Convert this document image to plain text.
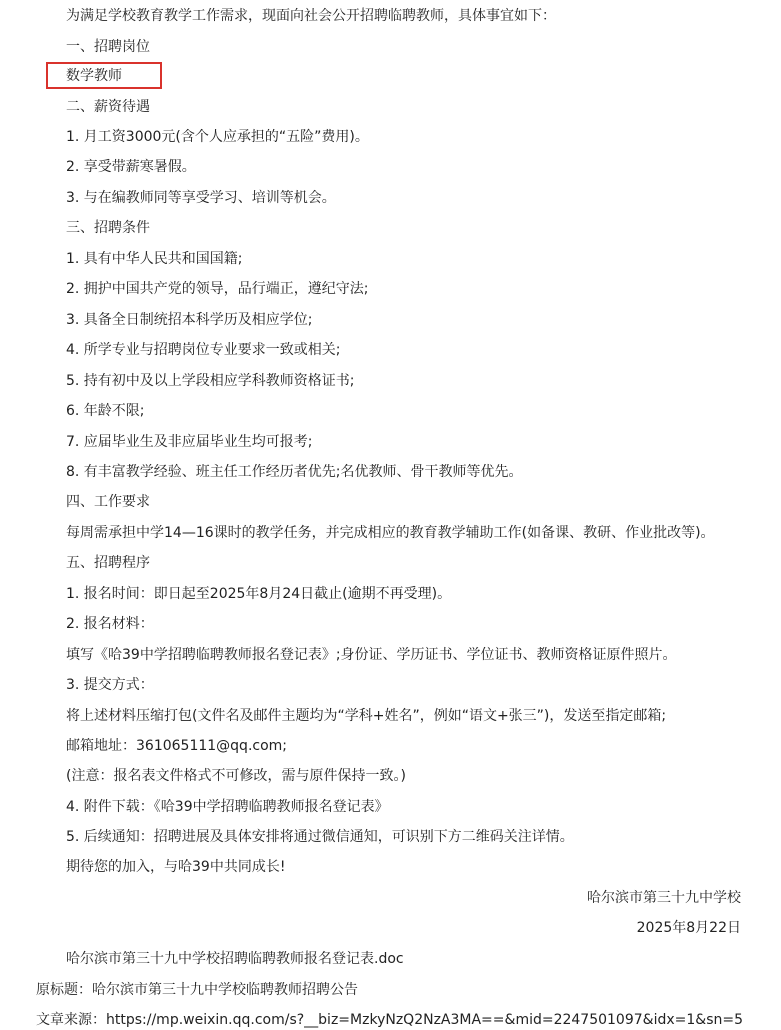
为满足学校教育教学工作需求，现面向社会公开招聘临聘教师，具体事宜如下：
一、招聘岗位
数学教师
二、薪资待遇
1. 月工资3000元(含个人应承担的“五险”费用)。
2. 享受带薪寒暑假。
3. 与在编教师同等享受学习、培训等机会。
三、招聘条件
1. 具有中华人民共和国国籍;
2. 拥护中国共产党的领导，品行端正，遵纪守法;
3. 具备全日制统招本科学历及相应学位;
4. 所学专业与招聘岗位专业要求一致或相关;
5. 持有初中及以上学段相应学科教师资格证书;
6. 年龄不限;
7. 应届毕业生及非应届毕业生均可报考;
8. 有丰富教学经验、班主任工作经历者优先;名优教师、骨干教师等优先。
四、工作要求
每周需承担中学14—16课时的教学任务，并完成相应的教育教学辅助工作(如备课、教研、作业批改等)。
五、招聘程序
1. 报名时间：即日起至2025年8月24日截止(逾期不再受理)。
2. 报名材料：
填写《哈39中学招聘临聘教师报名登记表》;身份证、学历证书、学位证书、教师资格证原件照片。
3. 提交方式：
将上述材料压缩打包(文件名及邮件主题均为“学科+姓名”，例如“语文+张三”)，发送至指定邮箱;
邮箱地址：361065111@qq.com;
(注意：报名表文件格式不可修改，需与原件保持一致。)
4. 附件下载：《哈39中学招聘临聘教师报名登记表》
5. 后续通知：招聘进展及具体安排将通过微信通知，可识别下方二维码关注详情。
期待您的加入，与哈39中共同成长!
哈尔滨市第三十九中学校
2025年8月22日
哈尔滨市第三十九中学校招聘临聘教师报名登记表.doc
原标题：哈尔滨市第三十九中学校临聘教师招聘公告
文章来源：https://mp.weixin.qq.com/s?__biz=MzkyNzQ2NzA3MA==&mid=2247501097&idx=1&sn=5
